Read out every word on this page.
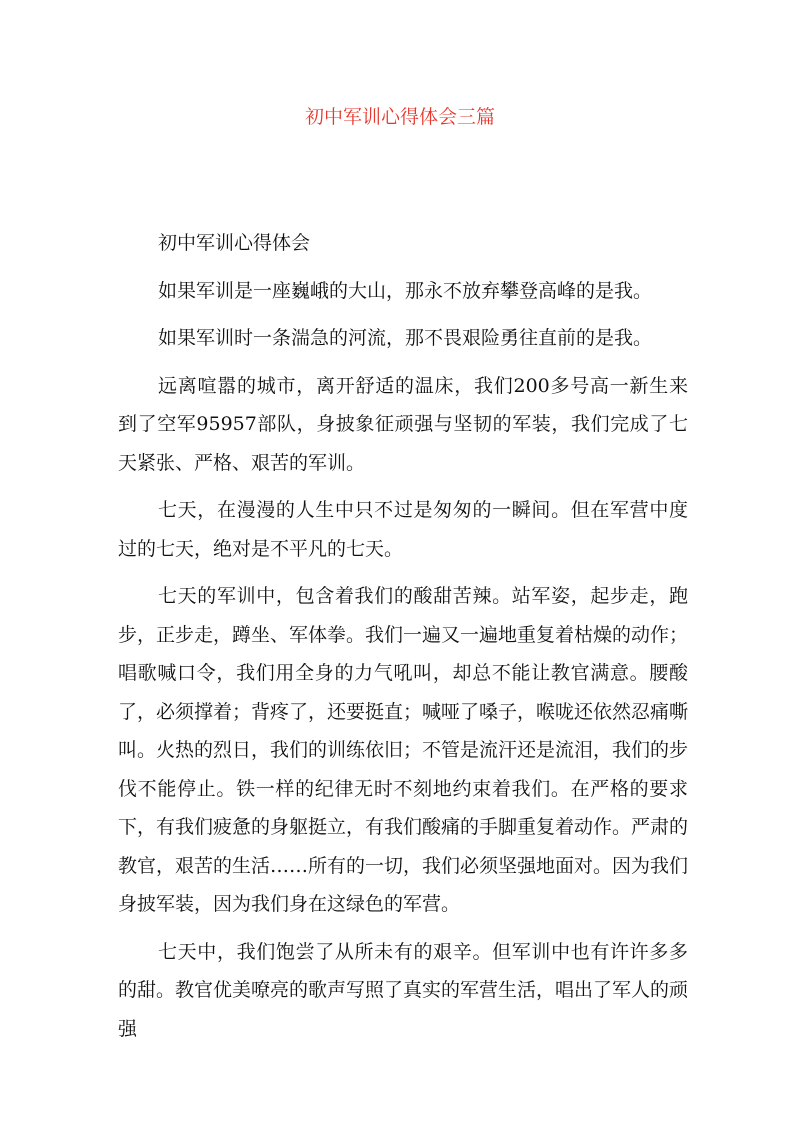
初中军训心得体会三篇

初中军训心得体会

如果军训是一座巍峨的大山，那永不放弃攀登高峰的是我。

如果军训时一条湍急的河流，那不畏艰险勇往直前的是我。

远离喧嚣的城市，离开舒适的温床，我们200多号高一新生来到了空军95957部队，身披象征顽强与坚韧的军装，我们完成了七天紧张、严格、艰苦的军训。

七天，在漫漫的人生中只不过是匆匆的一瞬间。但在军营中度过的七天，绝对是不平凡的七天。

七天的军训中，包含着我们的酸甜苦辣。站军姿，起步走，跑步，正步走，蹲坐、军体拳。我们一遍又一遍地重复着枯燥的动作；唱歌喊口令，我们用全身的力气吼叫，却总不能让教官满意。腰酸了，必须撑着；背疼了，还要挺直；喊哑了嗓子，喉咙还依然忍痛嘶叫。火热的烈日，我们的训练依旧；不管是流汗还是流泪，我们的步伐不能停止。铁一样的纪律无时不刻地约束着我们。在严格的要求下，有我们疲惫的身躯挺立，有我们酸痛的手脚重复着动作。严肃的教官，艰苦的生活……所有的一切，我们必须坚强地面对。因为我们身披军装，因为我们身在这绿色的军营。

七天中，我们饱尝了从所未有的艰辛。但军训中也有许许多多的甜。教官优美嘹亮的歌声写照了真实的军营生活，唱出了军人的顽强
